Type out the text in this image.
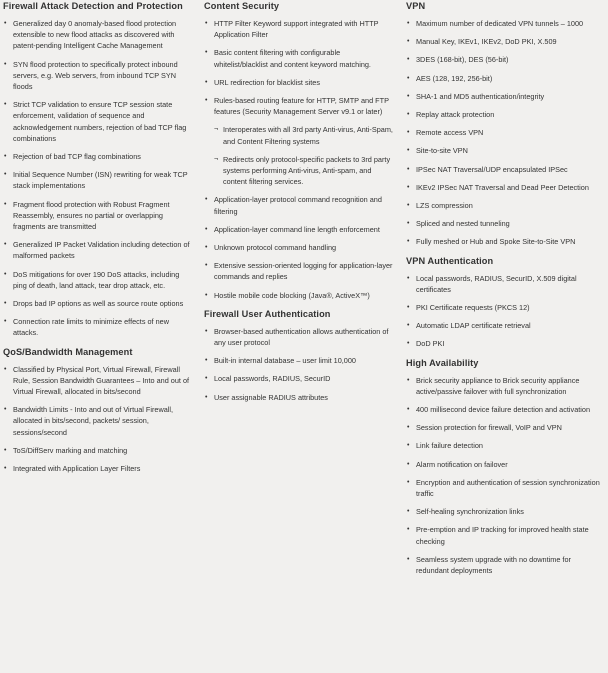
Firewall Attack Detection and Protection
• Generalized day 0 anomaly-based flood protection extensible to new flood attacks as discovered with patent-pending Intelligent Cache Management
• SYN flood protection to specifically protect inbound servers, e.g. Web servers, from inbound TCP SYN floods
• Strict TCP validation to ensure TCP session state enforcement, validation of sequence and acknowledgement numbers, rejection of bad TCP flag combinations
• Rejection of bad TCP flag combinations
• Initial Sequence Number (ISN) rewriting for weak TCP stack implementations
• Fragment flood protection with Robust Fragment Reassembly, ensures no partial or overlapping fragments are transmitted
• Generalized IP Packet Validation including detection of malformed packets
• DoS mitigations for over 190 DoS attacks, including ping of death, land attack, tear drop attack, etc.
• Drops bad IP options as well as source route options
• Connection rate limits to minimize effects of new attacks.
QoS/Bandwidth Management
• Classified by Physical Port, Virtual Firewall, Firewall Rule, Session Bandwidth Guarantees – Into and out of Virtual Firewall, allocated in bits/second
• Bandwidth Limits - Into and out of Virtual Firewall, allocated in bits/second, packets/ session, sessions/second
• ToS/DiffServ marking and matching
• Integrated with Application Layer Filters
Content Security
• HTTP Filter Keyword support integrated with HTTP Application Filter
• Basic content filtering with configurable whitelist/blacklist and content keyword matching.
• URL redirection for blacklist sites
• Rules-based routing feature for HTTP, SMTP and FTP features (Security Management Server v9.1 or later)
¬ Interoperates with all 3rd party Anti-virus, Anti-Spam, and Content Filtering systems
¬ Redirects only protocol-specific packets to 3rd party systems performing Anti-virus, Anti-spam, and content filtering services.
• Application-layer protocol command recognition and filtering
• Application-layer command line length enforcement
• Unknown protocol command handling
• Extensive session-oriented logging for application-layer commands and replies
• Hostile mobile code blocking (Java®, ActiveX™)
Firewall User Authentication
• Browser-based authentication allows authentication of any user protocol
• Built-in internal database – user limit 10,000
• Local passwords, RADIUS, SecurID
• User assignable RADIUS attributes
VPN
• Maximum number of dedicated VPN tunnels – 1000
• Manual Key, IKEv1, IKEv2, DoD PKI, X.509
• 3DES (168-bit), DES (56-bit)
• AES (128, 192, 256-bit)
• SHA-1 and MD5 authentication/integrity
• Replay attack protection
• Remote access VPN
• Site-to-site VPN
• IPSec NAT Traversal/UDP encapsulated IPSec
• IKEv2 IPSec NAT Traversal and Dead Peer Detection
• LZS compression
• Spliced and nested tunneling
• Fully meshed or Hub and Spoke Site-to-Site VPN
VPN Authentication
• Local passwords, RADIUS, SecurID, X.509 digital certificates
• PKI Certificate requests (PKCS 12)
• Automatic LDAP certificate retrieval
• DoD PKI
High Availability
• Brick security appliance to Brick security appliance active/passive failover with full synchronization
• 400 millisecond device failure detection and activation
• Session protection for firewall, VoIP and VPN
• Link failure detection
• Alarm notification on failover
• Encryption and authentication of session synchronization traffic
• Self-healing synchronization links
• Pre-emption and IP tracking for improved health state checking
• Seamless system upgrade with no downtime for redundant deployments
